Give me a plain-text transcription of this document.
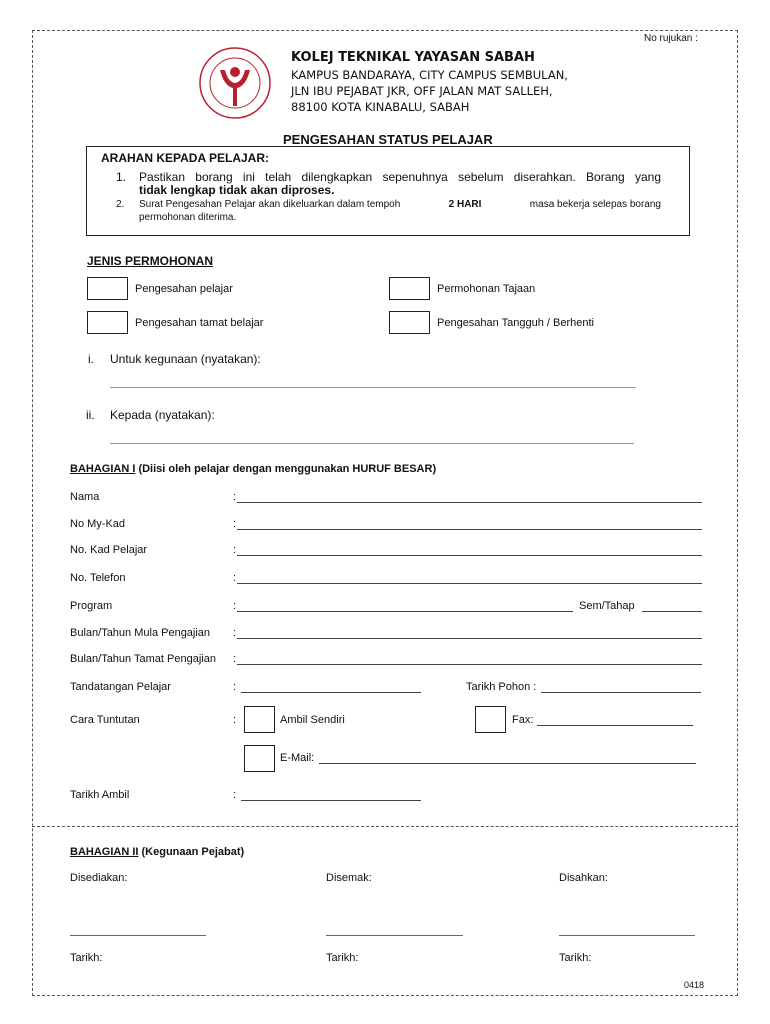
No rujukan :
KOLEJ TEKNIKAL YAYASAN SABAH
KAMPUS BANDARAYA, CITY CAMPUS SEMBULAN,
JLN IBU PEJABAT JKR, OFF JALAN MAT SALLEH,
88100 KOTA KINABALU, SABAH
PENGESAHAN STATUS PELAJAR
ARAHAN KEPADA PELAJAR:
1. Pastikan borang ini telah dilengkapkan sepenuhnya sebelum diserahkan. Borang yang
tidak lengkap tidak akan diproses.
2. Surat Pengesahan Pelajar akan dikeluarkan dalam tempoh	2 HARI	masa bekerja selepas borang
permohonan diterima.
JENIS PERMOHONAN
Pengesahan pelajar	Permohonan Tajaan
Pengesahan tamat belajar	Pengesahan Tangguh / Berhenti
i. Untuk kegunaan (nyatakan):
ii. Kepada (nyatakan):
BAHAGIAN I (Diisi oleh pelajar dengan menggunakan HURUF BESAR)
Nama	:
No My-Kad	:
No. Kad Pelajar	:
No. Telefon	:
Program	:	Sem/Tahap
Bulan/Tahun Mula Pengajian :
Bulan/Tahun Tamat Pengajian :
Tandatangan Pelajar	:	Tarikh Pohon :
Cara Tuntutan	:	Ambil Sendiri	Fax:
E-Mail:
Tarikh Ambil	:
BAHAGIAN II (Kegunaan Pejabat)
Disediakan:	Disemak:	Disahkan:
Tarikh:	Tarikh:	Tarikh:
0418
